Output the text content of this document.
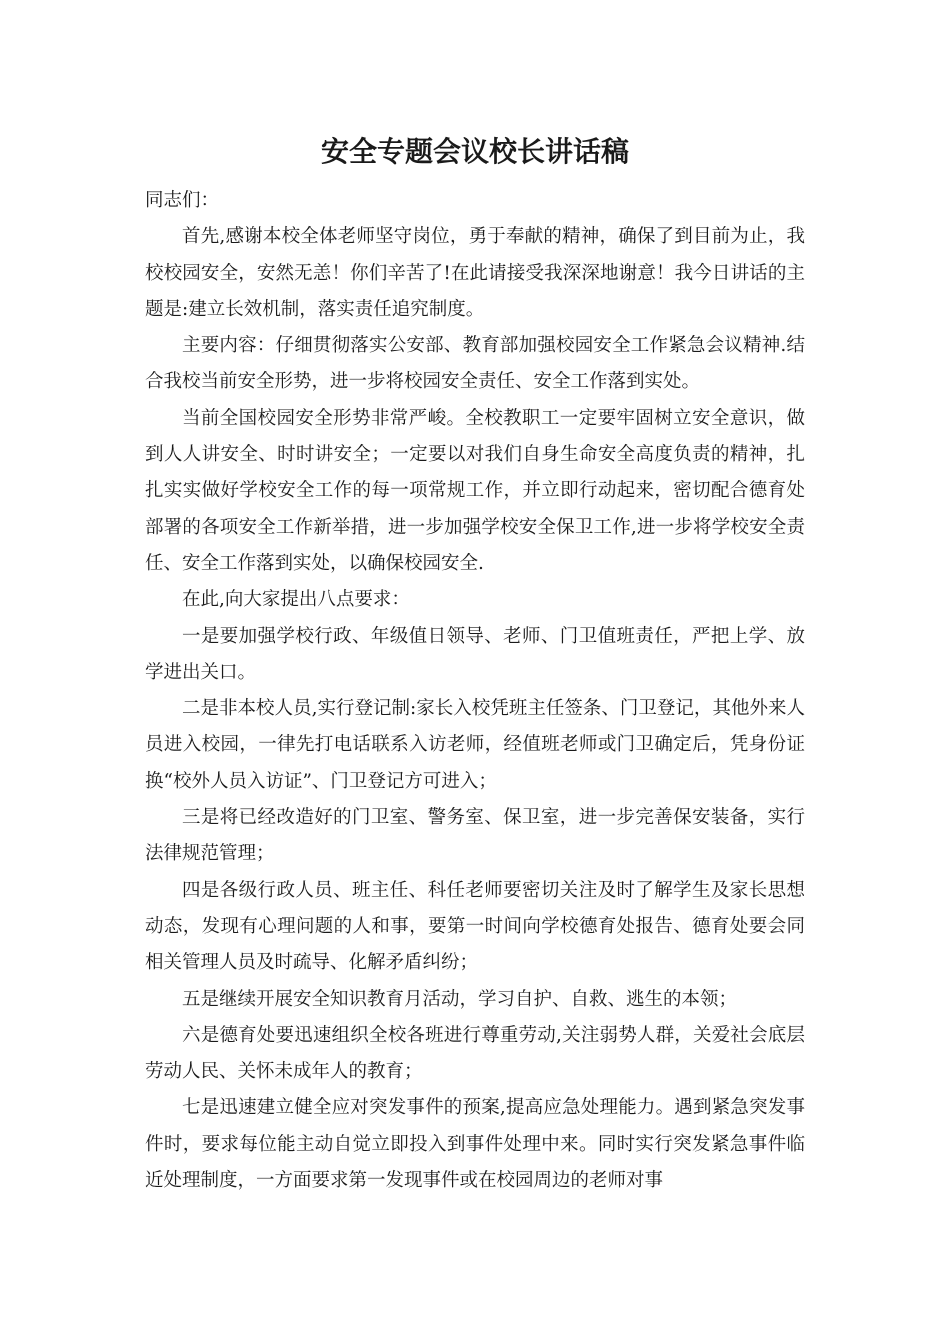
安全专题会议校长讲话稿

同志们：

首先,感谢本校全体老师坚守岗位，勇于奉献的精神，确保了到目前为止，我校校园安全，安然无恙！你们辛苦了!在此请接受我深深地谢意！我今日讲话的主题是:建立长效机制，落实责任追究制度。

主要内容：仔细贯彻落实公安部、教育部加强校园安全工作紧急会议精神.结合我校当前安全形势，进一步将校园安全责任、安全工作落到实处。

当前全国校园安全形势非常严峻。全校教职工一定要牢固树立安全意识，做到人人讲安全、时时讲安全；一定要以对我们自身生命安全高度负责的精神，扎扎实实做好学校安全工作的每一项常规工作，并立即行动起来，密切配合德育处部署的各项安全工作新举措，进一步加强学校安全保卫工作,进一步将学校安全责任、安全工作落到实处，以确保校园安全.

在此,向大家提出八点要求：

一是要加强学校行政、年级值日领导、老师、门卫值班责任，严把上学、放学进出关口。

二是非本校人员,实行登记制:家长入校凭班主任签条、门卫登记，其他外来人员进入校园，一律先打电话联系入访老师，经值班老师或门卫确定后，凭身份证换“校外人员入访证”、门卫登记方可进入；

三是将已经改造好的门卫室、警务室、保卫室，进一步完善保安装备，实行法律规范管理；

四是各级行政人员、班主任、科任老师要密切关注及时了解学生及家长思想动态，发现有心理问题的人和事，要第一时间向学校德育处报告、德育处要会同相关管理人员及时疏导、化解矛盾纠纷；

五是继续开展安全知识教育月活动，学习自护、自救、逃生的本领；

六是德育处要迅速组织全校各班进行尊重劳动,关注弱势人群，关爱社会底层劳动人民、关怀未成年人的教育；

七是迅速建立健全应对突发事件的预案,提高应急处理能力。遇到紧急突发事件时，要求每位能主动自觉立即投入到事件处理中来。同时实行突发紧急事件临近处理制度，一方面要求第一发现事件或在校园周边的老师对事
